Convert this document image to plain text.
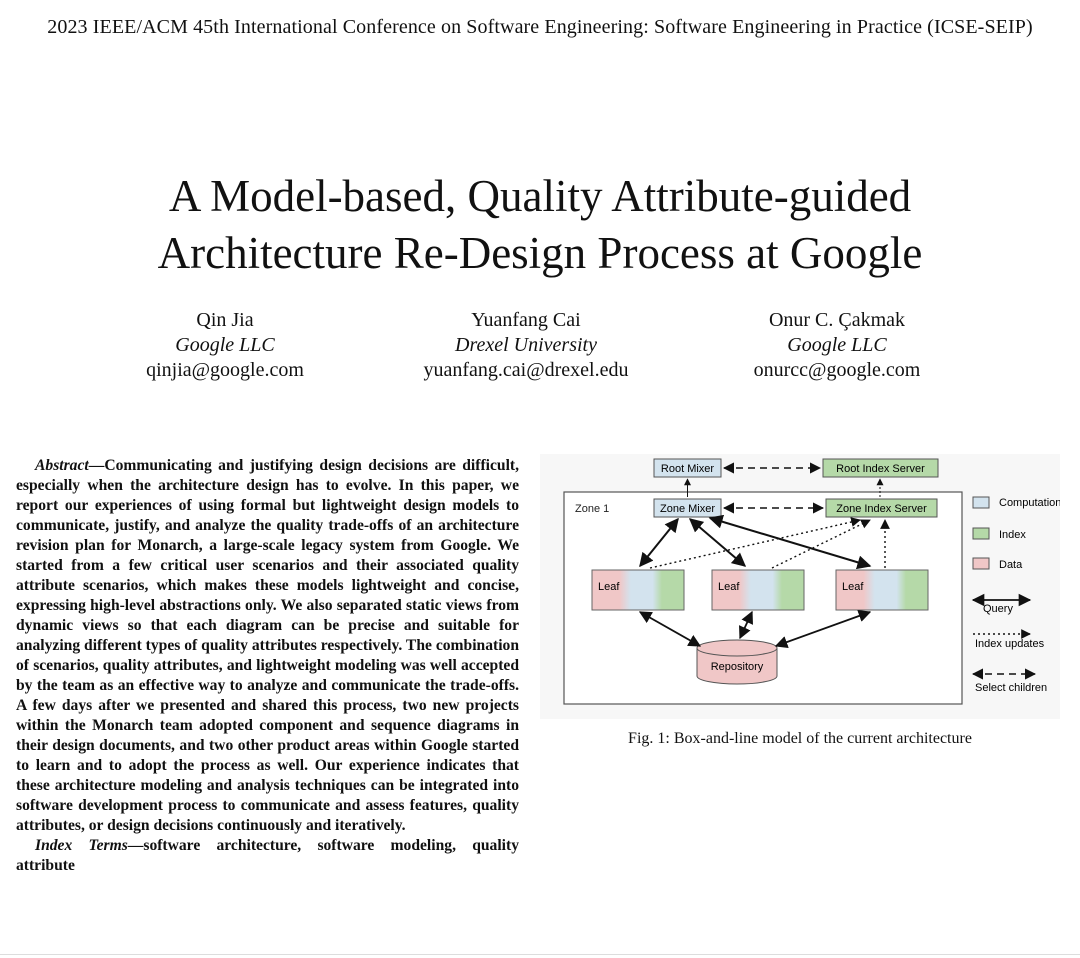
2023 IEEE/ACM 45th International Conference on Software Engineering: Software Engineering in Practice (ICSE-SEIP)
A Model-based, Quality Attribute-guided
Architecture Re-Design Process at Google
Qin Jia
Google LLC
qinjia@google.com
Yuanfang Cai
Drexel University
yuanfang.cai@drexel.edu
Onur C. Çakmak
Google LLC
onurcc@google.com

Abstract—Communicating and justifying design decisions are difficult, especially when the architecture design has to evolve. In this paper, we report our experiences of using formal but lightweight design models to communicate, justify, and analyze the quality trade-offs of an architecture revision plan for Monarch, a large-scale legacy system from Google. We started from a few critical user scenarios and their associated quality attribute scenarios, which makes these models lightweight and concise, expressing high-level abstractions only. We also separated static views from dynamic views so that each diagram can be precise and suitable for analyzing different types of quality attributes respectively. The combination of scenarios, quality attributes, and lightweight modeling was well accepted by the team as an effective way to analyze and communicate the trade-offs. A few days after we presented and shared this process, two new projects within the Monarch team adopted component and sequence diagrams in their design documents, and two other product areas within Google started to learn and to adopt the process as well. Our experience indicates that these architecture modeling and analysis techniques can be integrated into software development process to communicate and assess features, quality attributes, or design decisions continuously and iteratively.

Index Terms—software architecture, software modeling, quality attribute

Zone 1
Root Mixer	Root Index Server
Zone Mixer	Zone Index Server
Leaf	Leaf	Leaf
Repository
Computation
Index
Data
Query
Index updates
Select children
Fig. 1: Box-and-line model of the current architecture
